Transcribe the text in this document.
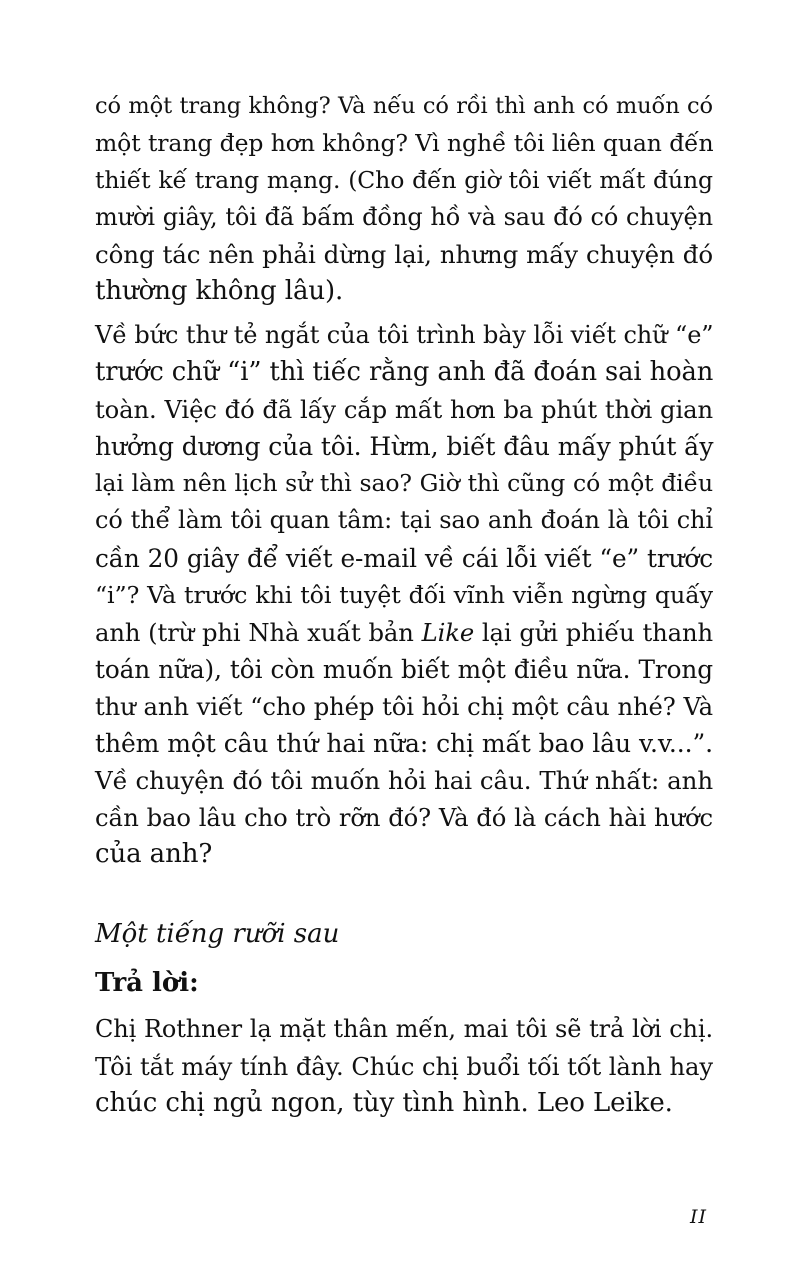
có một trang không? Và nếu có rồi thì anh có muốn có
một trang đẹp hơn không? Vì nghề tôi liên quan đến
thiết kế trang mạng. (Cho đến giờ tôi viết mất đúng
mười giây, tôi đã bấm đồng hồ và sau đó có chuyện
công tác nên phải dừng lại, nhưng mấy chuyện đó
thường không lâu).

Về bức thư tẻ ngắt của tôi trình bày lỗi viết chữ “e”
trước chữ “i” thì tiếc rằng anh đã đoán sai hoàn
toàn. Việc đó đã lấy cắp mất hơn ba phút thời gian
hưởng dương của tôi. Hừm, biết đâu mấy phút ấy
lại làm nên lịch sử thì sao? Giờ thì cũng có một điều
có thể làm tôi quan tâm: tại sao anh đoán là tôi chỉ
cần 20 giây để viết e-mail về cái lỗi viết “e” trước
“i”? Và trước khi tôi tuyệt đối vĩnh viễn ngừng quấy
anh (trừ phi Nhà xuất bản Like lại gửi phiếu thanh
toán nữa), tôi còn muốn biết một điều nữa. Trong
thư anh viết “cho phép tôi hỏi chị một câu nhé? Và
thêm một câu thứ hai nữa: chị mất bao lâu v.v...”.
Về chuyện đó tôi muốn hỏi hai câu. Thứ nhất: anh
cần bao lâu cho trò rỡn đó? Và đó là cách hài hước
của anh?

Một tiếng rưỡi sau
Trả lời:

Chị Rothner lạ mặt thân mến, mai tôi sẽ trả lời chị.
Tôi tắt máy tính đây. Chúc chị buổi tối tốt lành hay
chúc chị ngủ ngon, tùy tình hình. Leo Leike.

II
